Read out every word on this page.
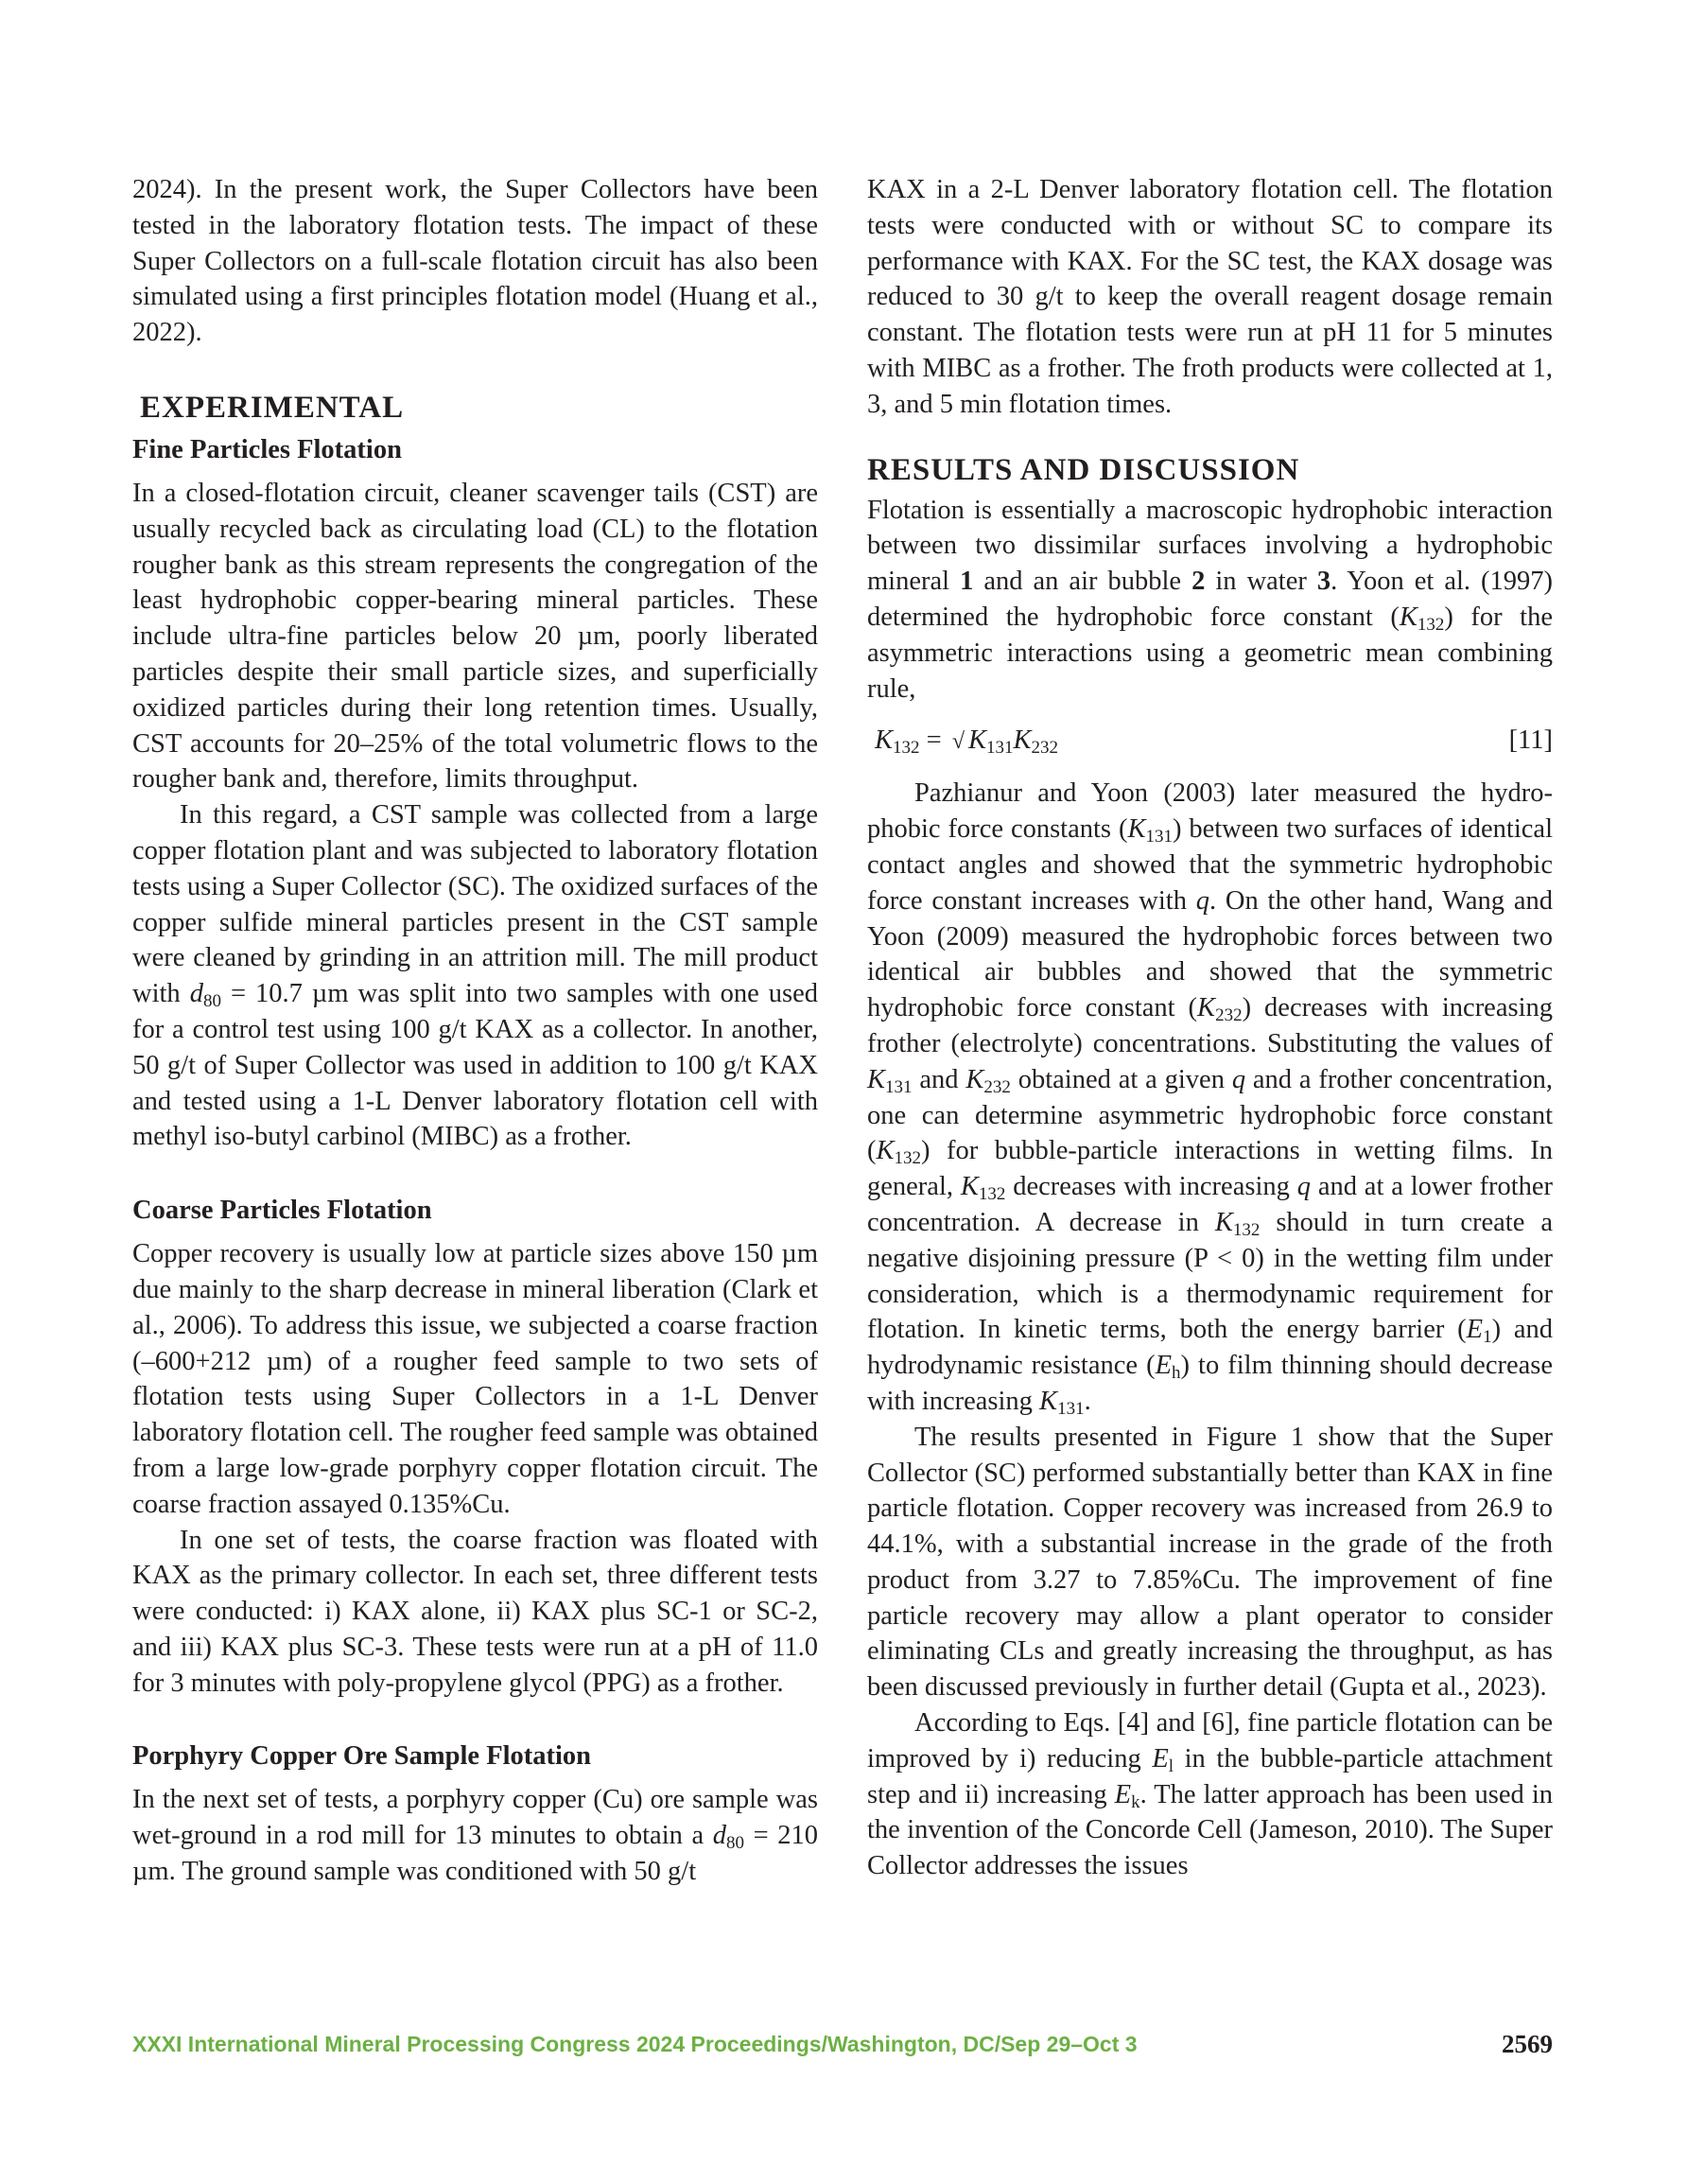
2024). In the present work, the Super Collectors have been tested in the laboratory flotation tests. The impact of these Super Collectors on a full-scale flotation circuit has also been simulated using a first principles flotation model (Huang et al., 2022).

EXPERIMENTAL
Fine Particles Flotation

In a closed-flotation circuit, cleaner scavenger tails (CST) are usually recycled back as circulating load (CL) to the flotation rougher bank as this stream represents the congregation of the least hydrophobic copper-bearing mineral particles. These include ultra-fine particles below 20 µm, poorly liberated particles despite their small particle sizes, and superficially oxidized particles during their long retention times. Usually, CST accounts for 20–25% of the total volumetric flows to the rougher bank and, therefore, limits throughput.

In this regard, a CST sample was collected from a large copper flotation plant and was subjected to laboratory flotation tests using a Super Collector (SC). The oxidized surfaces of the copper sulfide mineral particles present in the CST sample were cleaned by grinding in an attrition mill. The mill product with $d_{80} = 10.7$ µm was split into two samples with one used for a control test using 100 g/t KAX as a collector. In another, 50 g/t of Super Collector was used in addition to 100 g/t KAX and tested using a 1-L Denver laboratory flotation cell with methyl iso-butyl carbinol (MIBC) as a frother.

Coarse Particles Flotation

Copper recovery is usually low at particle sizes above 150 µm due mainly to the sharp decrease in mineral liberation (Clark et al., 2006). To address this issue, we subjected a coarse fraction (–600+212 µm) of a rougher feed sample to two sets of flotation tests using Super Collectors in a 1-L Denver laboratory flotation cell. The rougher feed sample was obtained from a large low-grade porphyry copper flotation circuit. The coarse fraction assayed 0.135%Cu.

In one set of tests, the coarse fraction was floated with KAX as the primary collector. In each set, three different tests were conducted: i) KAX alone, ii) KAX plus SC-1 or SC-2, and iii) KAX plus SC-3. These tests were run at a pH of 11.0 for 3 minutes with poly-propylene glycol (PPG) as a frother.

Porphyry Copper Ore Sample Flotation

In the next set of tests, a porphyry copper (Cu) ore sample was wet-ground in a rod mill for 13 minutes to obtain a $d_{80} = 210$ µm. The ground sample was conditioned with 50 g/t

KAX in a 2-L Denver laboratory flotation cell. The flotation tests were conducted with or without SC to compare its performance with KAX. For the SC test, the KAX dosage was reduced to 30 g/t to keep the overall reagent dosage remain constant. The flotation tests were run at pH 11 for 5 minutes with MIBC as a frother. The froth products were collected at 1, 3, and 5 min flotation times.

RESULTS AND DISCUSSION

Flotation is essentially a macroscopic hydrophobic interaction between two dissimilar surfaces involving a hydrophobic mineral 1 and an air bubble 2 in water 3. Yoon et al. (1997) determined the hydrophobic force constant $(K_{132})$ for the asymmetric interactions using a geometric mean combining rule,

$K_{132}$ = √ $K_{131}K_{232}$	[11]

Pazhianur and Yoon (2003) later measured the hydrophobic force constants $(K_{131})$ between two surfaces of identical contact angles and showed that the symmetric hydrophobic force constant increases with q. On the other hand, Wang and Yoon (2009) measured the hydrophobic forces between two identical air bubbles and showed that the symmetric hydrophobic force constant $(K_{232})$ decreases with increasing frother (electrolyte) concentrations. Substituting the values of $K_{131}$ and $K_{232}$ obtained at a given q and a frother concentration, one can determine asymmetric hydrophobic force constant $(K_{132})$ for bubble-particle interactions in wetting films. In general, $K_{132}$ decreases with increasing q and at a lower frother concentration. A decrease in $K_{132}$ should in turn create a negative disjoining pressure (P < 0) in the wetting film under consideration, which is a thermodynamic requirement for flotation. In kinetic terms, both the energy barrier $(E_1)$ and hydrodynamic resistance $(E_h)$ to film thinning should decrease with increasing $K_{131}$.

The results presented in Figure 1 show that the Super Collector (SC) performed substantially better than KAX in fine particle flotation. Copper recovery was increased from 26.9 to 44.1%, with a substantial increase in the grade of the froth product from 3.27 to 7.85%Cu. The improvement of fine particle recovery may allow a plant operator to consider eliminating CLs and greatly increasing the throughput, as has been discussed previously in further detail (Gupta et al., 2023).

According to Eqs. [4] and [6], fine particle flotation can be improved by i) reducing $E_l$ in the bubble-particle attachment step and ii) increasing $E_k$. The latter approach has been used in the invention of the Concorde Cell (Jameson, 2010). The Super Collector addresses the issues

XXXI International Mineral Processing Congress 2024 Proceedings/Washington, DC/Sep 29–Oct 3	2569
